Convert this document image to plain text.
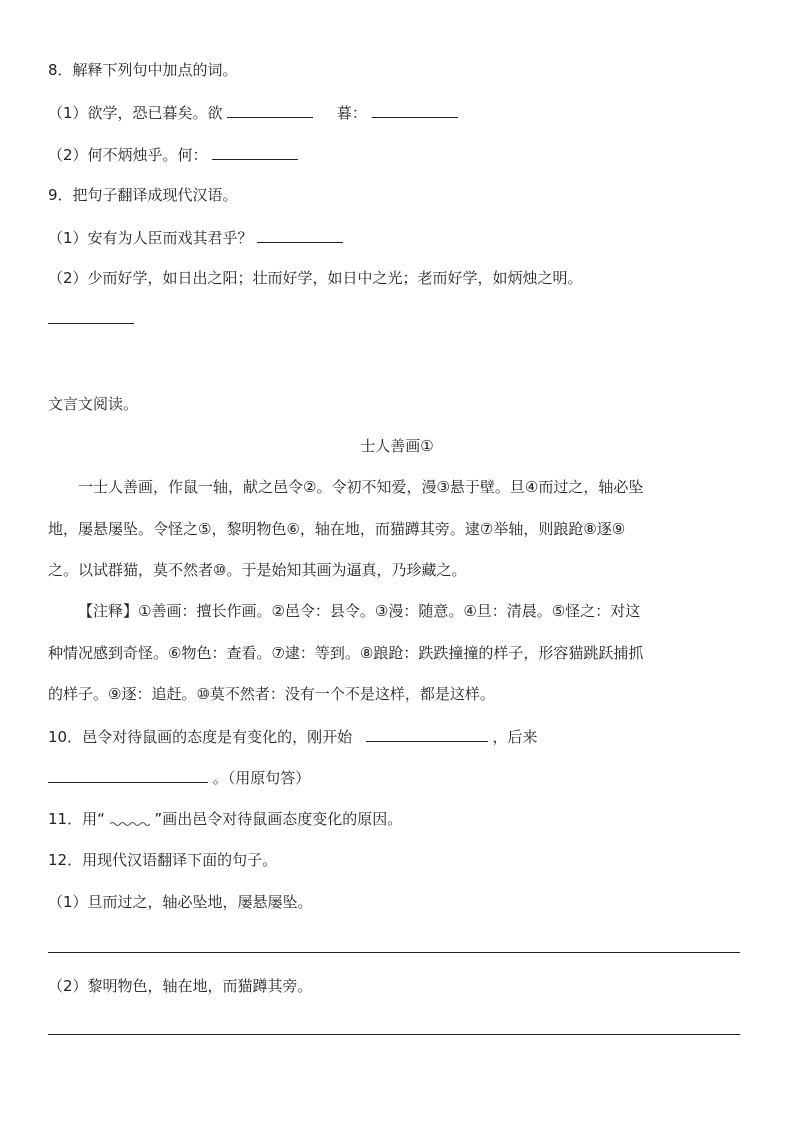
8．解释下列句中加点的词。
（1）欲学，恐已暮矣。欲	暮：
（2）何不炳烛乎。何：
9．把句子翻译成现代汉语。
（1）安有为人臣而戏其君乎？
（2）少而好学，如日出之阳；壮而好学，如日中之光；老而好学，如炳烛之明。
文言文阅读。
士人善画①
一士人善画，作鼠一轴，献之邑令②。令初不知爱，漫③悬于壁。旦④而过之，轴必坠
地，屡悬屡坠。令怪之⑤，黎明物色⑥，轴在地，而猫蹲其旁。逮⑦举轴，则踉跄⑧逐⑨
之。以试群猫，莫不然者⑩。于是始知其画为逼真，乃珍藏之。
【注释】①善画：擅长作画。②邑令：县令。③漫：随意。④旦：清晨。⑤怪之：对这
种情况感到奇怪。⑥物色：查看。⑦逮：等到。⑧踉跄：跌跌撞撞的样子，形容猫跳跃捕抓
的样子。⑨逐：追赶。⑩莫不然者：没有一个不是这样，都是这样。
10．邑令对待鼠画的态度是有变化的，刚开始	，后来
。（用原句答）
11．用“	”画出邑令对待鼠画态度变化的原因。
12．用现代汉语翻译下面的句子。
（1）旦而过之，轴必坠地，屡悬屡坠。
（2）黎明物色，轴在地，而猫蹲其旁。
